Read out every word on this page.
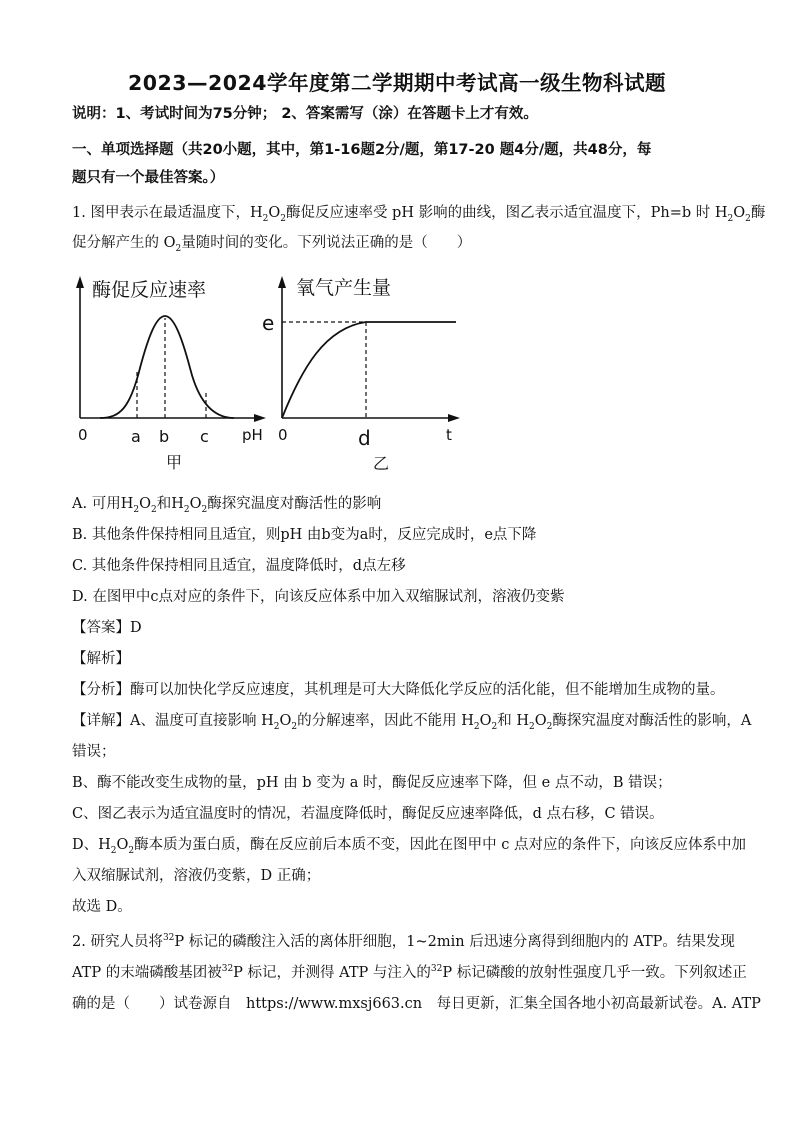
2023—2024学年度第二学期期中考试高一级生物科试题
说明：1、考试时间为75分钟； 2、答案需写（涂）在答题卡上才有效。
一、单项选择题（共20小题，其中，第1-16题2分/题，第17-20 题4分/题，共48分，每
题只有一个最佳答案。）
1. 图甲表示在最适温度下，$H_2O_2$酶促反应速率受 pH 影响的曲线，图乙表示适宜温度下，Ph=b 时 $H_2O_2$酶
促分解产生的 $O_2$量随时间的变化。下列说法正确的是（　　）
酶促反应速率
0	a b c pH
甲
氧气产生量
e
0	d	t
乙
A. 可用$H_2O_2$和$H_2O_2$酶探究温度对酶活性的影响
B. 其他条件保持相同且适宜，则pH 由b变为a时，反应完成时，e点下降
C. 其他条件保持相同且适宜，温度降低时，d点左移
D. 在图甲中c点对应的条件下，向该反应体系中加入双缩脲试剂，溶液仍变紫
【答案】D
【解析】
【分析】酶可以加快化学反应速度，其机理是可大大降低化学反应的活化能，但不能增加生成物的量。
【详解】A、温度可直接影响 $H_2O_2$的分解速率，因此不能用 $H_2O_2$和 $H_2O_2$酶探究温度对酶活性的影响，A
错误；
B、酶不能改变生成物的量，pH 由 b 变为 a 时，酶促反应速率下降，但 e 点不动，B 错误；
C、图乙表示为适宜温度时的情况，若温度降低时，酶促反应速率降低，d 点右移，C 错误。
D、$H_2O_2$酶本质为蛋白质，酶在反应前后本质不变，因此在图甲中 c 点对应的条件下，向该反应体系中加
入双缩脲试剂，溶液仍变紫，D 正确；
故选 D。
2. 研究人员将$^{32}$P 标记的磷酸注入活的离体肝细胞，1~2min 后迅速分离得到细胞内的 ATP。结果发现
ATP 的末端磷酸基团被$^{32}$P 标记，并测得 ATP 与注入的$^{32}$P 标记磷酸的放射性强度几乎一致。下列叙述正
确的是（　　）试卷源自　https://www.mxsj663.cn　每日更新，汇集全国各地小初高最新试卷。A. ATP
